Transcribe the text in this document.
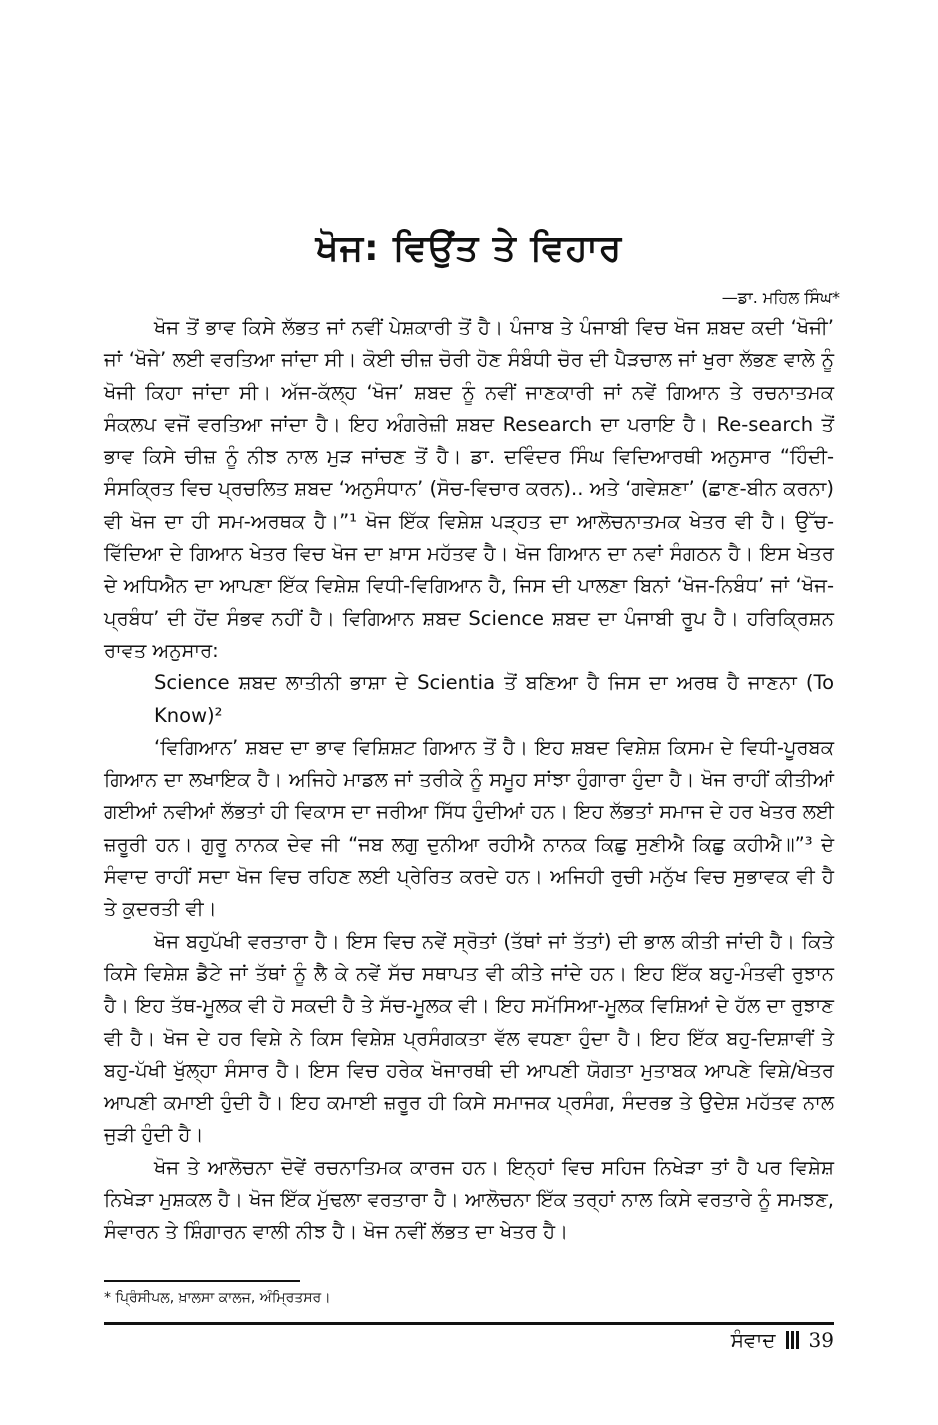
ਖੋਜ: ਵਿਉਂਤ ਤੇ ਵਿਹਾਰ
—ਡਾ. ਮਹਿਲ ਸਿੰਘ*

ਖੋਜ ਤੋਂ ਭਾਵ ਕਿਸੇ ਲੱਭਤ ਜਾਂ ਨਵੀਂ ਪੇਸ਼ਕਾਰੀ ਤੋਂ ਹੈ। ਪੰਜਾਬ ਤੇ ਪੰਜਾਬੀ ਵਿਚ ਖੋਜ ਸ਼ਬਦ ਕਦੀ ‘ਖੋਜੀ’ ਜਾਂ ‘ਖੋਜੇ’ ਲਈ ਵਰਤਿਆ ਜਾਂਦਾ ਸੀ। ਕੋਈ ਚੀਜ਼ ਚੋਰੀ ਹੋਣ ਸੰਬੰਧੀ ਚੋਰ ਦੀ ਪੈੜਚਾਲ ਜਾਂ ਖੁਰਾ ਲੱਭਣ ਵਾਲੇ ਨੂੰ ਖੋਜੀ ਕਿਹਾ ਜਾਂਦਾ ਸੀ। ਅੱਜ-ਕੱਲ੍ਹ ‘ਖੋਜ’ ਸ਼ਬਦ ਨੂੰ ਨਵੀਂ ਜਾਣਕਾਰੀ ਜਾਂ ਨਵੇਂ ਗਿਆਨ ਤੇ ਰਚਨਾਤਮਕ ਸੰਕਲਪ ਵਜੋਂ ਵਰਤਿਆ ਜਾਂਦਾ ਹੈ। ਇਹ ਅੰਗਰੇਜ਼ੀ ਸ਼ਬਦ Research ਦਾ ਪਰਾਇ ਹੈ। Re-search ਤੋਂ ਭਾਵ ਕਿਸੇ ਚੀਜ਼ ਨੂੰ ਨੀਝ ਨਾਲ ਮੁੜ ਜਾਂਚਣ ਤੋਂ ਹੈ। ਡਾ. ਦਵਿੰਦਰ ਸਿੰਘ ਵਿਦਿਆਰਥੀ ਅਨੁਸਾਰ “ਹਿੰਦੀ-ਸੰਸਕ੍ਰਿਤ ਵਿਚ ਪ੍ਰਚਲਿਤ ਸ਼ਬਦ ‘ਅਨੁਸੰਧਾਨ’ (ਸੋਚ-ਵਿਚਾਰ ਕਰਨ).. ਅਤੇ ‘ਗਵੇਸ਼ਣਾ’ (ਛਾਣ-ਬੀਨ ਕਰਨਾ) ਵੀ ਖੋਜ ਦਾ ਹੀ ਸਮ-ਅਰਥਕ ਹੈ।”¹ ਖੋਜ ਇੱਕ ਵਿਸ਼ੇਸ਼ ਪੜ੍ਹਤ ਦਾ ਆਲੋਚਨਾਤਮਕ ਖੇਤਰ ਵੀ ਹੈ। ਉੱਚ-ਵਿੱਦਿਆ ਦੇ ਗਿਆਨ ਖੇਤਰ ਵਿਚ ਖੋਜ ਦਾ ਖ਼ਾਸ ਮਹੱਤਵ ਹੈ। ਖੋਜ ਗਿਆਨ ਦਾ ਨਵਾਂ ਸੰਗਠਨ ਹੈ। ਇਸ ਖੇਤਰ ਦੇ ਅਧਿਐਨ ਦਾ ਆਪਣਾ ਇੱਕ ਵਿਸ਼ੇਸ਼ ਵਿਧੀ-ਵਿਗਿਆਨ ਹੈ, ਜਿਸ ਦੀ ਪਾਲਣਾ ਬਿਨਾਂ ‘ਖੋਜ-ਨਿਬੰਧ’ ਜਾਂ ‘ਖੋਜ-ਪ੍ਰਬੰਧ’ ਦੀ ਹੋਂਦ ਸੰਭਵ ਨਹੀਂ ਹੈ। ਵਿਗਿਆਨ ਸ਼ਬਦ Science ਸ਼ਬਦ ਦਾ ਪੰਜਾਬੀ ਰੂਪ ਹੈ। ਹਰਿਕ੍ਰਿਸ਼ਨ ਰਾਵਤ ਅਨੁਸਾਰ:

Science ਸ਼ਬਦ ਲਾਤੀਨੀ ਭਾਸ਼ਾ ਦੇ Scientia ਤੋਂ ਬਣਿਆ ਹੈ ਜਿਸ ਦਾ ਅਰਥ ਹੈ ਜਾਣਨਾ (To Know)²

‘ਵਿਗਿਆਨ’ ਸ਼ਬਦ ਦਾ ਭਾਵ ਵਿਸ਼ਿਸ਼ਟ ਗਿਆਨ ਤੋਂ ਹੈ। ਇਹ ਸ਼ਬਦ ਵਿਸ਼ੇਸ਼ ਕਿਸਮ ਦੇ ਵਿਧੀ-ਪੂਰਬਕ ਗਿਆਨ ਦਾ ਲਖਾਇਕ ਹੈ। ਅਜਿਹੇ ਮਾਡਲ ਜਾਂ ਤਰੀਕੇ ਨੂੰ ਸਮੂਹ ਸਾਂਝਾ ਹੁੰਗਾਰਾ ਹੁੰਦਾ ਹੈ। ਖੋਜ ਰਾਹੀਂ ਕੀਤੀਆਂ ਗਈਆਂ ਨਵੀਆਂ ਲੱਭਤਾਂ ਹੀ ਵਿਕਾਸ ਦਾ ਜਰੀਆ ਸਿੱਧ ਹੁੰਦੀਆਂ ਹਨ। ਇਹ ਲੱਭਤਾਂ ਸਮਾਜ ਦੇ ਹਰ ਖੇਤਰ ਲਈ ਜ਼ਰੂਰੀ ਹਨ। ਗੁਰੂ ਨਾਨਕ ਦੇਵ ਜੀ “ਜਬ ਲਗੁ ਦੁਨੀਆ ਰਹੀਐ ਨਾਨਕ ਕਿਛੁ ਸੁਣੀਐ ਕਿਛੁ ਕਹੀਐ॥”³ ਦੇ ਸੰਵਾਦ ਰਾਹੀਂ ਸਦਾ ਖੋਜ ਵਿਚ ਰਹਿਣ ਲਈ ਪ੍ਰੇਰਿਤ ਕਰਦੇ ਹਨ। ਅਜਿਹੀ ਰੁਚੀ ਮਨੁੱਖ ਵਿਚ ਸੁਭਾਵਕ ਵੀ ਹੈ ਤੇ ਕੁਦਰਤੀ ਵੀ।

ਖੋਜ ਬਹੁਪੱਖੀ ਵਰਤਾਰਾ ਹੈ। ਇਸ ਵਿਚ ਨਵੇਂ ਸ੍ਰੋਤਾਂ (ਤੱਥਾਂ ਜਾਂ ਤੱਤਾਂ) ਦੀ ਭਾਲ ਕੀਤੀ ਜਾਂਦੀ ਹੈ। ਕਿਤੇ ਕਿਸੇ ਵਿਸ਼ੇਸ਼ ਡੈਟੇ ਜਾਂ ਤੱਥਾਂ ਨੂੰ ਲੈ ਕੇ ਨਵੇਂ ਸੱਚ ਸਥਾਪਤ ਵੀ ਕੀਤੇ ਜਾਂਦੇ ਹਨ। ਇਹ ਇੱਕ ਬਹੁ-ਮੰਤਵੀ ਰੁਝਾਨ ਹੈ। ਇਹ ਤੱਥ-ਮੂਲਕ ਵੀ ਹੋ ਸਕਦੀ ਹੈ ਤੇ ਸੱਚ-ਮੂਲਕ ਵੀ। ਇਹ ਸਮੱਸਿਆ-ਮੂਲਕ ਵਿਸ਼ਿਆਂ ਦੇ ਹੱਲ ਦਾ ਰੁਝਾਣ ਵੀ ਹੈ। ਖੋਜ ਦੇ ਹਰ ਵਿਸ਼ੇ ਨੇ ਕਿਸ ਵਿਸ਼ੇਸ਼ ਪ੍ਰਸੰਗਕਤਾ ਵੱਲ ਵਧਣਾ ਹੁੰਦਾ ਹੈ। ਇਹ ਇੱਕ ਬਹੁ-ਦਿਸ਼ਾਵੀਂ ਤੇ ਬਹੁ-ਪੱਖੀ ਖੁੱਲ੍ਹਾ ਸੰਸਾਰ ਹੈ। ਇਸ ਵਿਚ ਹਰੇਕ ਖੋਜਾਰਥੀ ਦੀ ਆਪਣੀ ਯੋਗਤਾ ਮੁਤਾਬਕ ਆਪਣੇ ਵਿਸ਼ੇ/ਖੇਤਰ ਆਪਣੀ ਕਮਾਈ ਹੁੰਦੀ ਹੈ। ਇਹ ਕਮਾਈ ਜ਼ਰੂਰ ਹੀ ਕਿਸੇ ਸਮਾਜਕ ਪ੍ਰਸੰਗ, ਸੰਦਰਭ ਤੇ ਉਦੇਸ਼ ਮਹੱਤਵ ਨਾਲ ਜੁੜੀ ਹੁੰਦੀ ਹੈ।

ਖੋਜ ਤੇ ਆਲੋਚਨਾ ਦੋਵੇਂ ਰਚਨਾਤਿਮਕ ਕਾਰਜ ਹਨ। ਇਨ੍ਹਾਂ ਵਿਚ ਸਹਿਜ ਨਿਖੇੜਾ ਤਾਂ ਹੈ ਪਰ ਵਿਸ਼ੇਸ਼ ਨਿਖੇੜਾ ਮੁਸ਼ਕਲ ਹੈ। ਖੋਜ ਇੱਕ ਮੁੱਢਲਾ ਵਰਤਾਰਾ ਹੈ। ਆਲੋਚਨਾ ਇੱਕ ਤਰ੍ਹਾਂ ਨਾਲ ਕਿਸੇ ਵਰਤਾਰੇ ਨੂੰ ਸਮਝਣ, ਸੰਵਾਰਨ ਤੇ ਸ਼ਿੰਗਾਰਨ ਵਾਲੀ ਨੀਝ ਹੈ। ਖੋਜ ਨਵੀਂ ਲੱਭਤ ਦਾ ਖੇਤਰ ਹੈ।

* ਪ੍ਰਿੰਸੀਪਲ, ਖ਼ਾਲਸਾ ਕਾਲਜ, ਅੰਮ੍ਰਿਤਸਰ।
ਸੰਵਾਦ 39
